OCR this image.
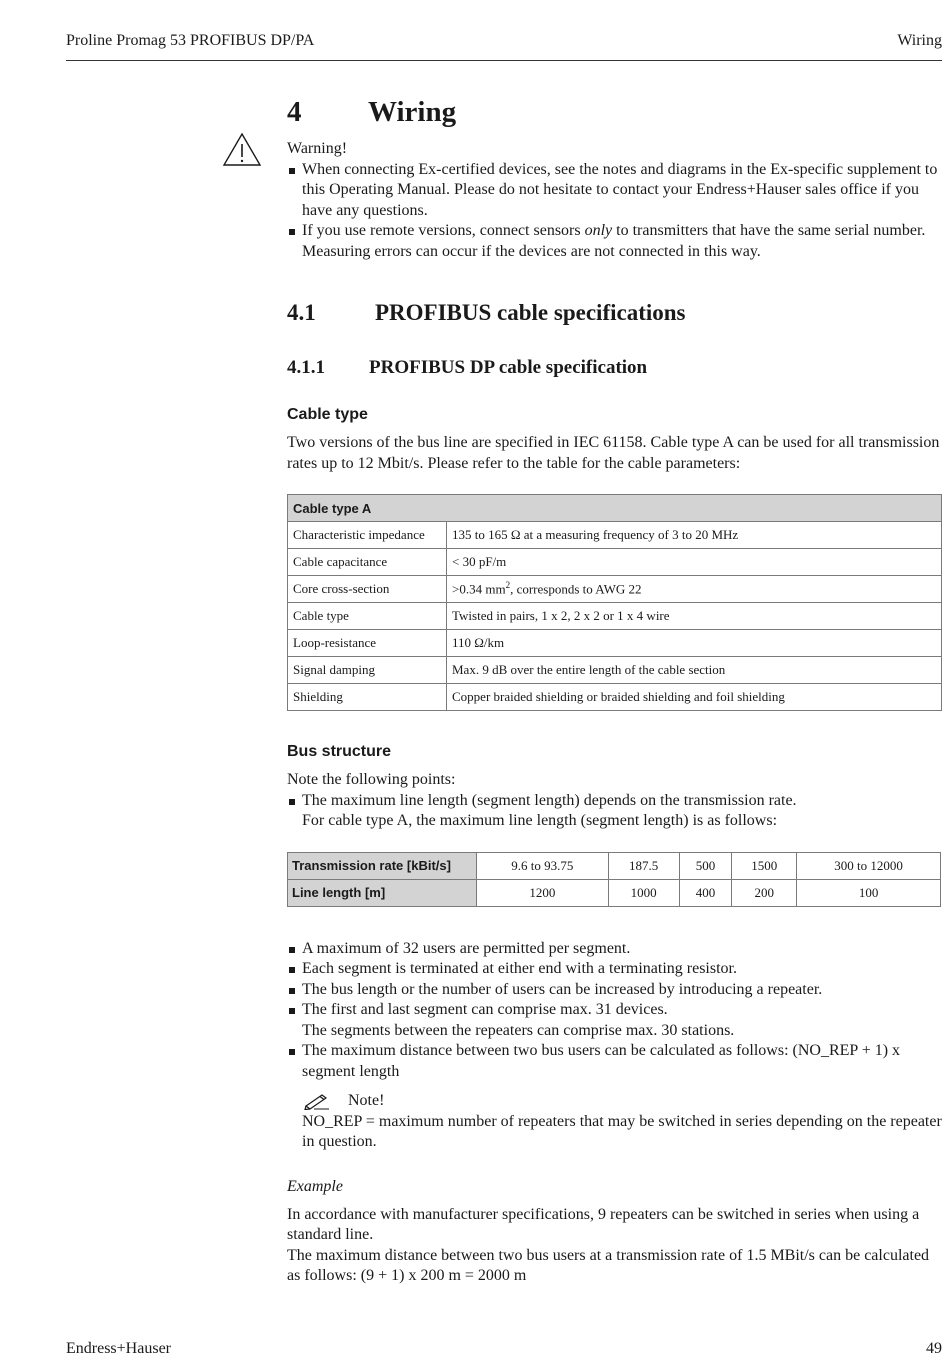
Proline Promag 53 PROFIBUS DP/PA	Wiring
4 Wiring

Warning!

When connecting Ex-certified devices, see the notes and diagrams in the Ex-specific supplement to this Operating Manual. Please do not hesitate to contact your Endress+Hauser sales office if you have any questions.
If you use remote versions, connect sensors only to transmitters that have the same serial number. Measuring errors can occur if the devices are not connected in this way.
4.1	PROFIBUS cable specifications
4.1.1 PROFIBUS DP cable specification
Cable type

Two versions of the bus line are specified in IEC 61158. Cable type A can be used for all transmission rates up to 12 Mbit/s. Please refer to the table for the cable parameters:

Cable type A	
Characteristic impedance	135 to 165 Ω at a measuring frequency of 3 to 20 MHz
Cable capacitance	< 30 pF/m
Core cross-section	>0.34 $mm^2$, corresponds to AWG 22
Cable type	Twisted in pairs, 1 x 2, 2 x 2 or 1 x 4 wire
Loop-resistance	110 Ω/km
Signal damping	Max. 9 dB over the entire length of the cable section
Shielding	Copper braided shielding or braided shielding and foil shielding
Bus structure

Note the following points:

The maximum line length (segment length) depends on the transmission rate.
For cable type A, the maximum line length (segment length) is as follows:
Transmission rate [kBit/s]	9.6 to 93.75	187.5	500	1500	300 to 12000
Line length [m]	1200	1000	400	200	100
A maximum of 32 users are permitted per segment.
Each segment is terminated at either end with a terminating resistor.
The bus length or the number of users can be increased by introducing a repeater.
The first and last segment can comprise max. 31 devices.
The segments between the repeaters can comprise max. 30 stations.
The maximum distance between two bus users can be calculated as follows: (NO_REP + 1) x segment length
Note!

NO_REP = maximum number of repeaters that may be switched in series depending on the repeater in question.

Example

In accordance with manufacturer specifications, 9 repeaters can be switched in series when using a standard line.

The maximum distance between two bus users at a transmission rate of 1.5 MBit/s can be calculated as follows: (9 + 1) x 200 m = 2000 m

Endress+Hauser	49
